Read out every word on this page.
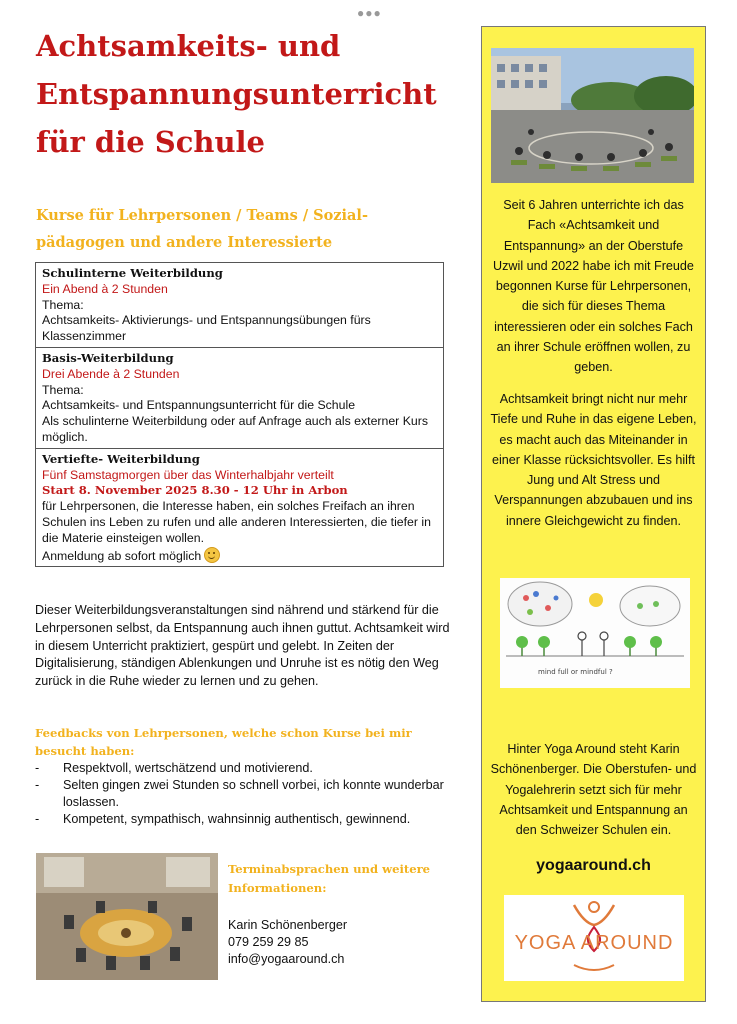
●●●
Achtsamkeits- und Entspannungsunterricht für die Schule
Kurse für Lehrpersonen / Teams / Sozial-pädagogen und andere Interessierte
Schulinterne Weiterbildung
Ein Abend à 2 Stunden
Thema:
Achtsamkeits- Aktivierungs- und Entspannungsübungen fürs Klassenzimmer
Basis-Weiterbildung
Drei Abende à 2 Stunden
Thema:
Achtsamkeits- und Entspannungsunterricht für die Schule
Als schulinterne Weiterbildung oder auf Anfrage auch als externer Kurs möglich.
Vertiefte- Weiterbildung
Fünf Samstagmorgen über das Winterhalbjahr verteilt
Start 8. November 2025 8.30 - 12 Uhr in Arbon
für Lehrpersonen, die Interesse haben, ein solches Freifach an ihren Schulen ins Leben zu rufen und alle anderen Interessierten, die tiefer in die Materie einsteigen wollen.
Anmeldung ab sofort möglich

Dieser Weiterbildungsveranstaltungen sind nährend und stärkend für die Lehrpersonen selbst, da Entspannung auch ihnen guttut. Achtsamkeit wird in diesem Unterricht praktiziert, gespürt und gelebt. In Zeiten der Digitalisierung, ständigen Ablenkungen und Unruhe ist es nötig den Weg zurück in die Ruhe wieder zu lernen und zu gehen.

Feedbacks von Lehrpersonen, welche schon Kurse bei mir besucht haben:

- Respektvoll, wertschätzend und motivierend.
- Selten gingen zwei Stunden so schnell vorbei, ich konnte wunderbar loslassen.
- Kompetent, sympathisch, wahnsinnig authentisch, gewinnend.

Terminabsprachen und weitere Informationen:

Karin Schönenberger
079 259 29 85
info@yogaaround.ch

Seit 6 Jahren unterrichte ich das Fach «Achtsamkeit und Entspannung» an der Oberstufe Uzwil und 2022 habe ich mit Freude begonnen Kurse für Lehrpersonen, die sich für dieses Thema interessieren oder ein solches Fach an ihrer Schule eröffnen wollen, zu geben.

Achtsamkeit bringt nicht nur mehr Tiefe und Ruhe in das eigene Leben, es macht auch das Miteinander in einer Klasse rücksichtsvoller. Es hilft Jung und Alt Stress und Verspannungen abzubauen und ins innere Gleichgewicht zu finden.

mind full or mindful ?

Hinter Yoga Around steht Karin Schönenberger. Die Oberstufen- und Yogalehrerin setzt sich für mehr Achtsamkeit und Entspannung an den Schweizer Schulen ein.

yogaaround.ch

YOGA AROUND
